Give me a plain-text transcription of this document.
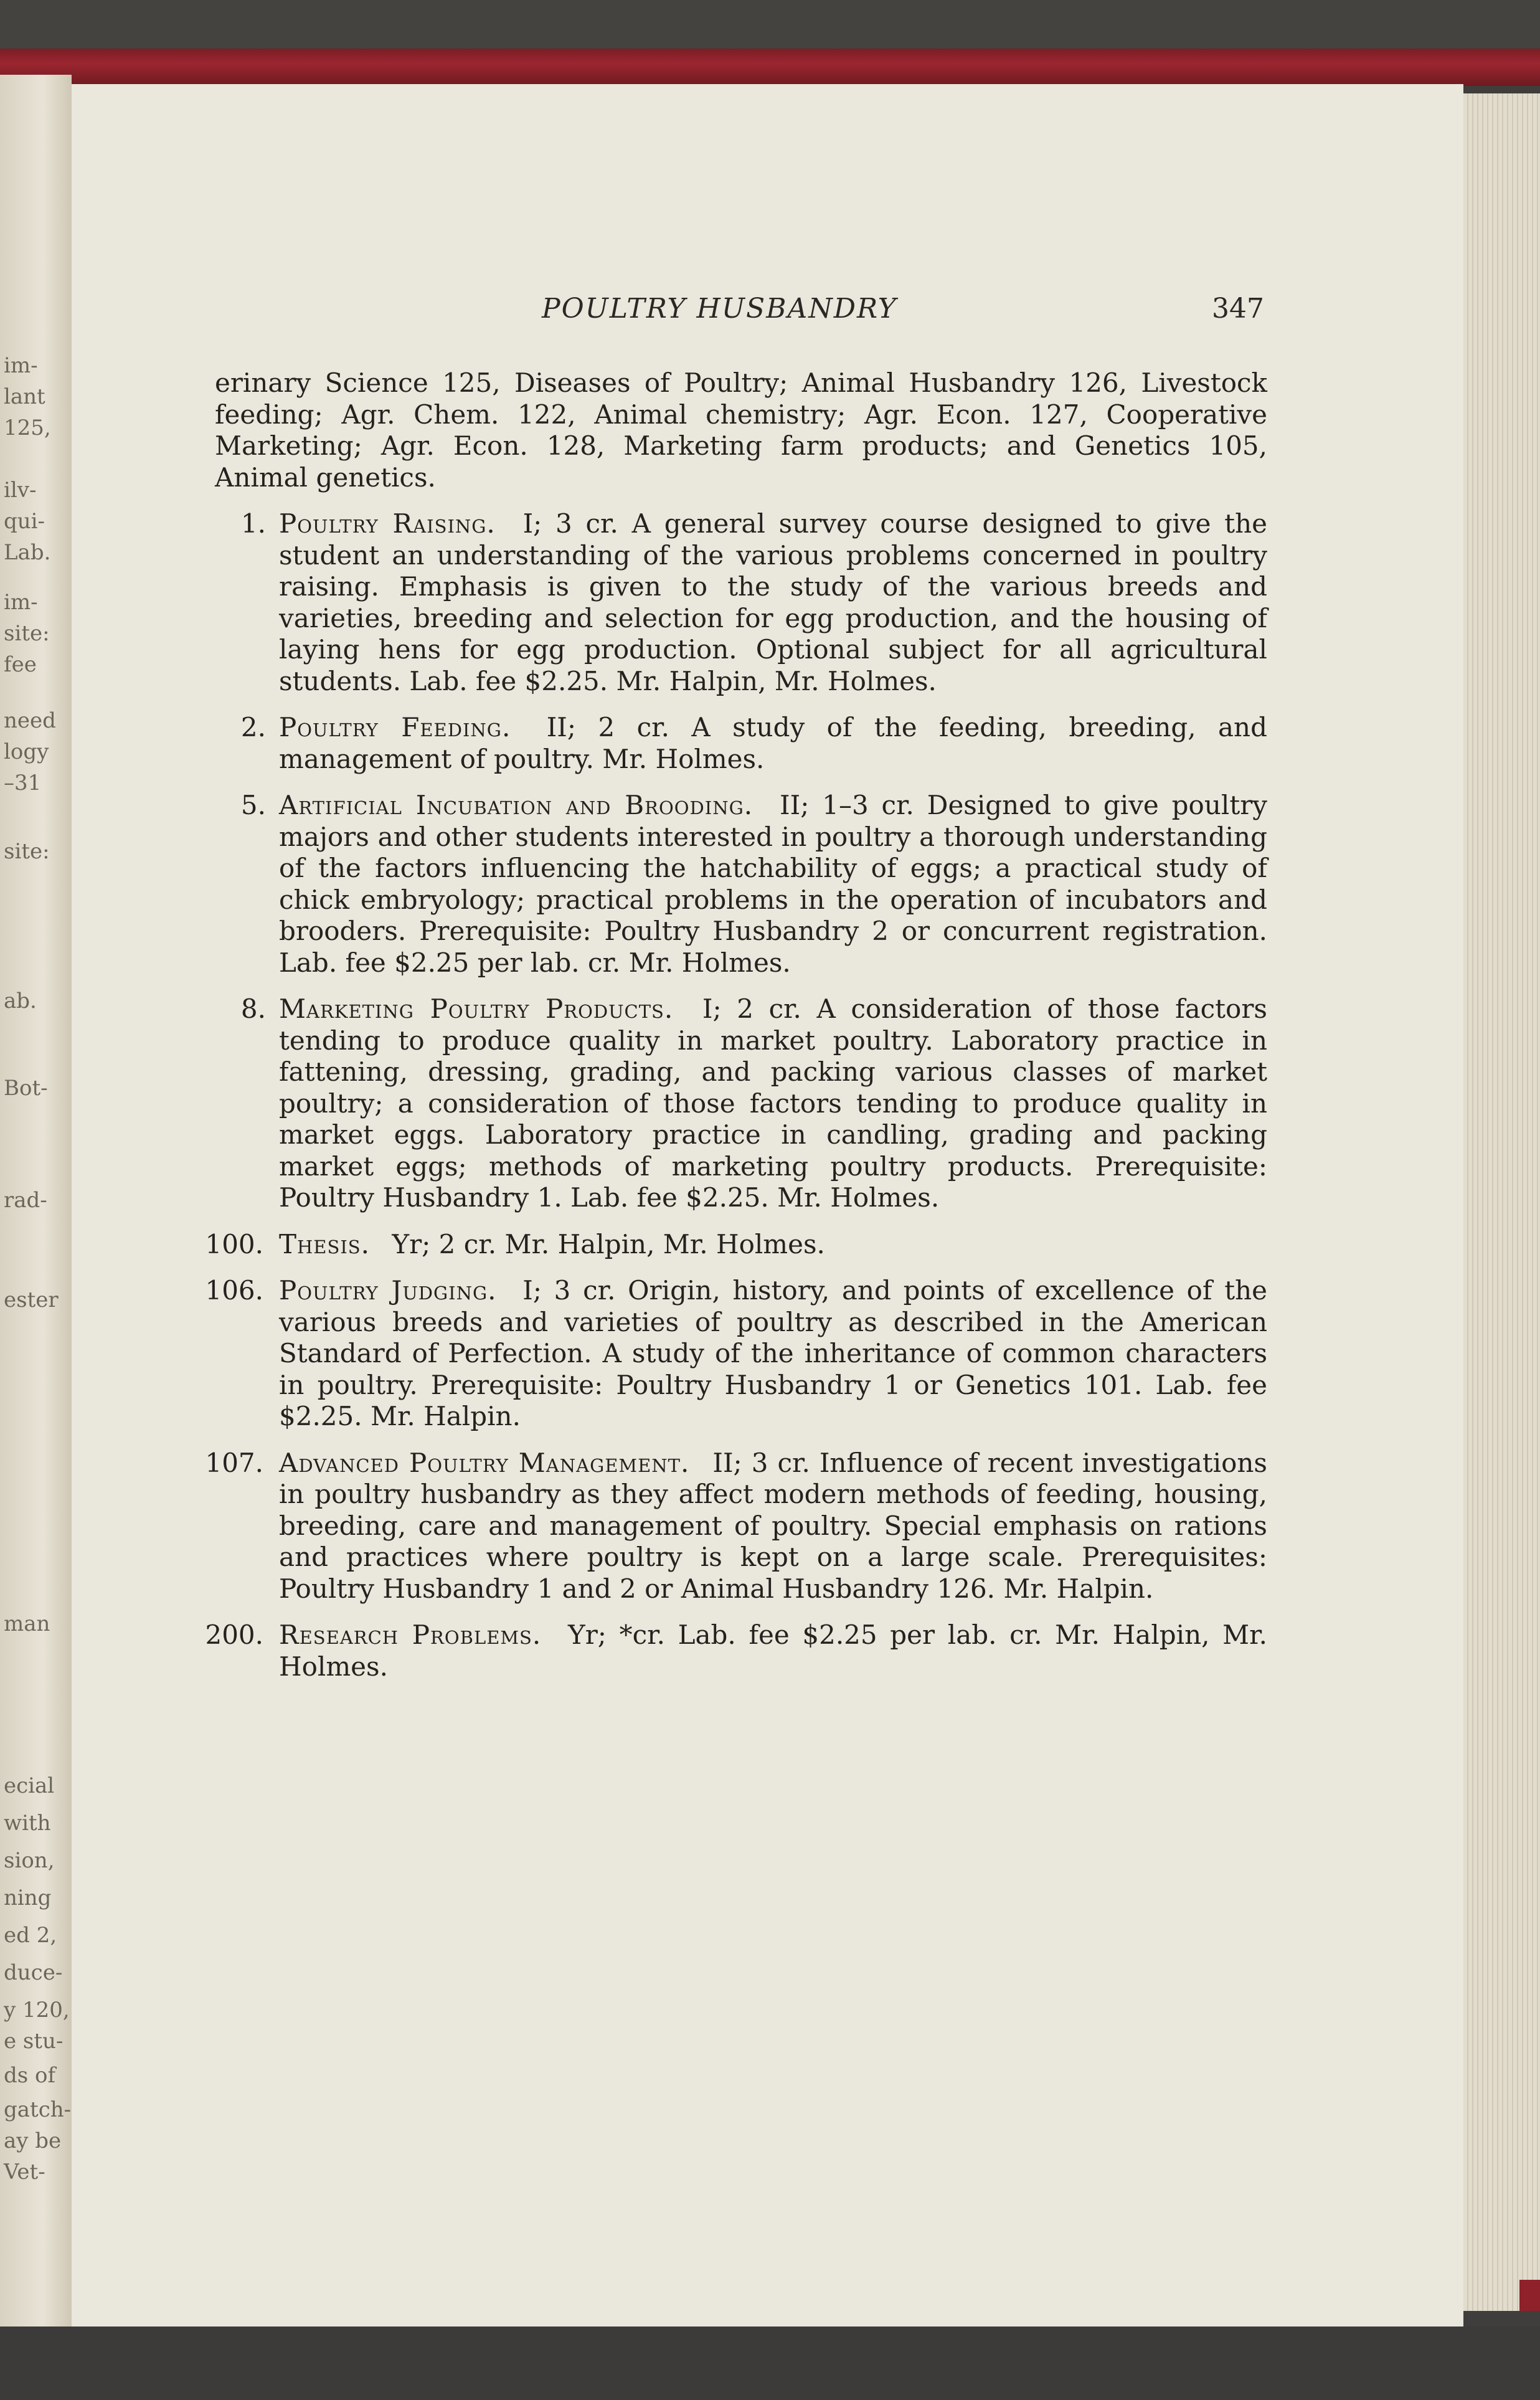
im-
lant
125,
ilv-
qui-
Lab.
im-
site:
fee
need
logy
–31
site:
ab.
Bot-
rad-
ester
man
ecial
with
sion,
ning
ed 2,
duce-
y 120,
e stu-
ds of
gatch-
ay be
Vet-
POULTRY HUSBANDRY	347

erinary Science 125, Diseases of Poultry; Animal Husbandry 126, Livestock feeding; Agr. Chem. 122, Animal chemistry; Agr. Econ. 127, Cooperative Marketing; Agr. Econ. 128, Marketing farm products; and Genetics 105, Animal genetics.

1. Poultry Raising.  I; 3 cr. A general survey course designed to give the student an understanding of the various problems concerned in poultry raising. Emphasis is given to the study of the various breeds and varieties, breeding and selection for egg production, and the housing of laying hens for egg production. Optional subject for all agricultural students. Lab. fee $2.25. Mr. Halpin, Mr. Holmes.
2. Poultry Feeding.  II; 2 cr. A study of the feeding, breeding, and management of poultry. Mr. Holmes.
5. Artificial Incubation and Brooding.  II; 1–3 cr. Designed to give poultry majors and other students interested in poultry a thorough understanding of the factors influencing the hatchability of eggs; a practical study of chick embryology; practical problems in the operation of incubators and brooders. Prerequisite: Poultry Husbandry 2 or concurrent registration. Lab. fee $2.25 per lab. cr. Mr. Holmes.
8. Marketing Poultry Products.  I; 2 cr. A consideration of those factors tending to produce quality in market poultry. Laboratory practice in fattening, dressing, grading, and packing various classes of market poultry; a consideration of those factors tending to produce quality in market eggs. Laboratory practice in candling, grading and packing market eggs; methods of marketing poultry products. Prerequisite: Poultry Husbandry 1. Lab. fee $2.25. Mr. Holmes.
100. Thesis.  Yr; 2 cr. Mr. Halpin, Mr. Holmes.
106. Poultry Judging.  I; 3 cr. Origin, history, and points of excellence of the various breeds and varieties of poultry as described in the American Standard of Perfection. A study of the inheritance of common characters in poultry. Prerequisite: Poultry Husbandry 1 or Genetics 101. Lab. fee $2.25. Mr. Halpin.
107. Advanced Poultry Management.  II; 3 cr. Influence of recent investigations in poultry husbandry as they affect modern methods of feeding, housing, breeding, care and management of poultry. Special emphasis on rations and practices where poultry is kept on a large scale. Prerequisites: Poultry Husbandry 1 and 2 or Animal Husbandry 126. Mr. Halpin.
200. Research Problems.  Yr; *cr. Lab. fee $2.25 per lab. cr. Mr. Halpin, Mr. Holmes.
